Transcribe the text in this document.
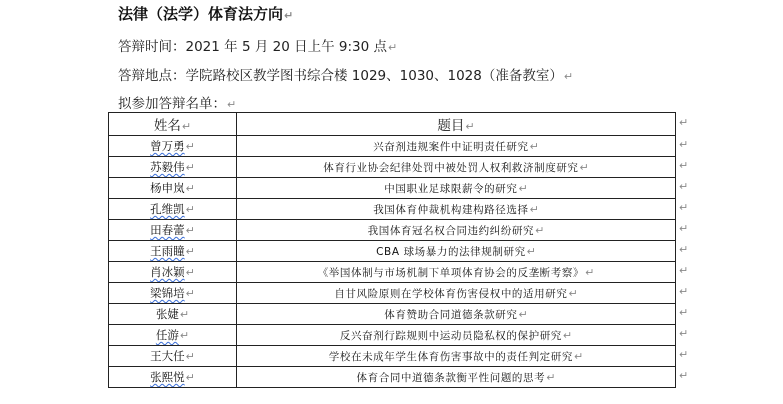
法律（法学）体育法方向↵
答辩时间：2021 年 5 月 20 日上午 9:30 点↵
答辩地点：学院路校区教学图书综合楼 1029、1030、1028（准备教室）↵
拟参加答辩名单：↵
姓名↵	题目↵
曾万勇↵	兴奋剂违规案件中证明责任研究↵
苏毅伟↵	体育行业协会纪律处罚中被处罚人权利救济制度研究↵
杨申岚↵	中国职业足球限薪令的研究↵
孔维凯↵	我国体育仲裁机构建构路径选择↵
田春蕾↵	我国体育冠名权合同违约纠纷研究↵
王雨瞳↵	CBA 球场暴力的法律规制研究↵
肖冰颖↵	《举国体制与市场机制下单项体育协会的反垄断考察》↵
梁锦培↵	自甘风险原则在学校体育伤害侵权中的适用研究↵
张婕↵	体育赞助合同道德条款研究↵
任游↵	反兴奋剂行踪规则中运动员隐私权的保护研究↵
王大任↵	学校在未成年学生体育伤害事故中的责任判定研究↵
张熙悦↵	体育合同中道德条款衡平性问题的思考↵
↵
↵
↵
↵
↵
↵
↵
↵
↵
↵
↵
↵
↵
